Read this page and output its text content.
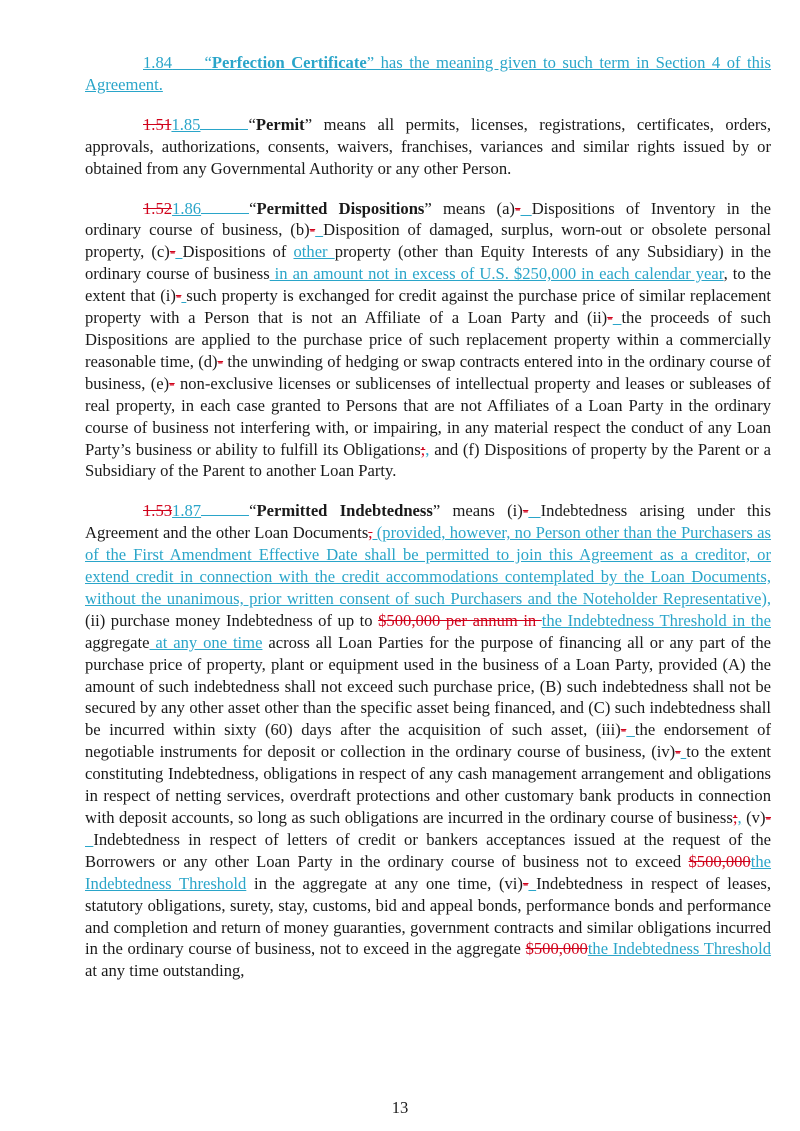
1.84 “Perfection Certificate” has the meaning given to such term in Section 4 of this Agreement.

1.511.85	“Permit” means all permits, licenses, registrations, certificates, orders, approvals, authorizations, consents, waivers, franchises, variances and similar rights issued by or obtained from any Governmental Authority or any other Person.

1.521.86	“Permitted Dispositions” means (a)- Dispositions of Inventory in the ordinary course of business, (b)- Disposition of damaged, surplus, worn-out or obsolete personal property, (c)- Dispositions of other property (other than Equity Interests of any Subsidiary) in the ordinary course of business in an amount not in excess of U.S. $250,000 in each calendar year, to the extent that (i)- such property is exchanged for credit against the purchase price of similar replacement property with a Person that is not an Affiliate of a Loan Party and (ii)- the proceeds of such Dispositions are applied to the purchase price of such replacement property within a commercially reasonable time, (d)- the unwinding of hedging or swap contracts entered into in the ordinary course of business, (e)- non-exclusive licenses or sublicenses of intellectual property and leases or subleases of real property, in each case granted to Persons that are not Affiliates of a Loan Party in the ordinary course of business not interfering with, or impairing, in any material respect the conduct of any Loan Party’s business or ability to fulfill its Obligations;, and (f) Dispositions of property by the Parent or a Subsidiary of the Parent to another Loan Party.

1.531.87	“Permitted Indebtedness” means (i)- Indebtedness arising under this Agreement and the other Loan Documents, (provided, however, no Person other than the Purchasers as of the First Amendment Effective Date shall be permitted to join this Agreement as a creditor, or extend credit in connection with the credit accommodations contemplated by the Loan Documents, without the unanimous, prior written consent of such Purchasers and the Noteholder Representative), (ii) purchase money Indebtedness of up to $500,000 per annum in the Indebtedness Threshold in the aggregate at any one time across all Loan Parties for the purpose of financing all or any part of the purchase price of property, plant or equipment used in the business of a Loan Party, provided (A) the amount of such indebtedness shall not exceed such purchase price, (B) such indebtedness shall not be secured by any other asset other than the specific asset being financed, and (C) such indebtedness shall be incurred within sixty (60) days after the acquisition of such asset, (iii)- the endorsement of negotiable instruments for deposit or collection in the ordinary course of business, (iv)- to the extent constituting Indebtedness, obligations in respect of any cash management arrangement and obligations in respect of netting services, overdraft protections and other customary bank products in connection with deposit accounts, so long as such obligations are incurred in the ordinary course of business;, (v)- Indebtedness in respect of letters of credit or bankers acceptances issued at the request of the Borrowers or any other Loan Party in the ordinary course of business not to exceed $500,000the Indebtedness Threshold in the aggregate at any one time, (vi)- Indebtedness in respect of leases, statutory obligations, surety, stay, customs, bid and appeal bonds, performance bonds and performance and completion and return of money guaranties, government contracts and similar obligations incurred in the ordinary course of business, not to exceed in the aggregate $500,000the Indebtedness Threshold at any time outstanding,

13
